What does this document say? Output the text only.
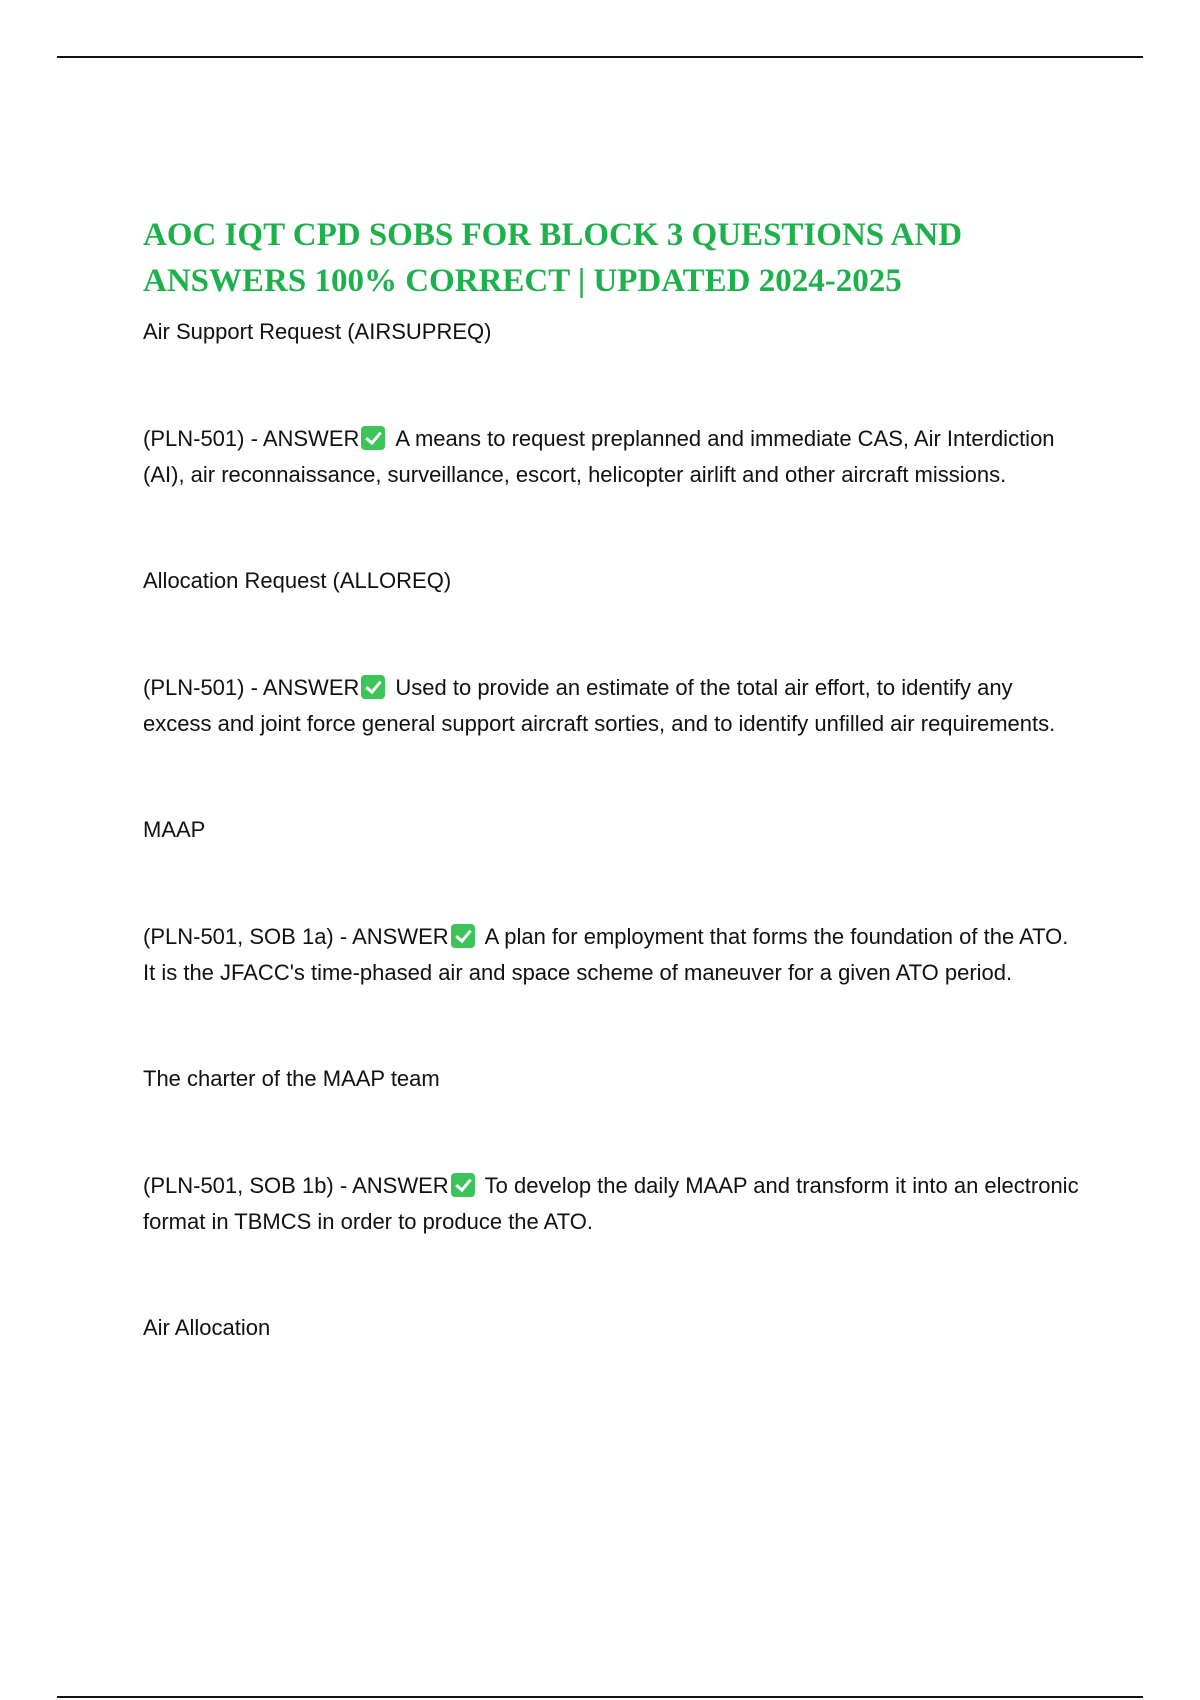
AOC IQT CPD SOBS FOR BLOCK 3 QUESTIONS AND ANSWERS 100% CORRECT | UPDATED 2024-2025

Air Support Request (AIRSUPREQ)

(PLN-501) - ANSWER A means to request preplanned and immediate CAS, Air Interdiction (AI), air reconnaissance, surveillance, escort, helicopter airlift and other aircraft missions.

Allocation Request (ALLOREQ)

(PLN-501) - ANSWER Used to provide an estimate of the total air effort, to identify any excess and joint force general support aircraft sorties, and to identify unfilled air requirements.

MAAP

(PLN-501, SOB 1a) - ANSWER A plan for employment that forms the foundation of the ATO. It is the JFACC's time-phased air and space scheme of maneuver for a given ATO period.

The charter of the MAAP team

(PLN-501, SOB 1b) - ANSWER To develop the daily MAAP and transform it into an electronic format in TBMCS in order to produce the ATO.

Air Allocation
